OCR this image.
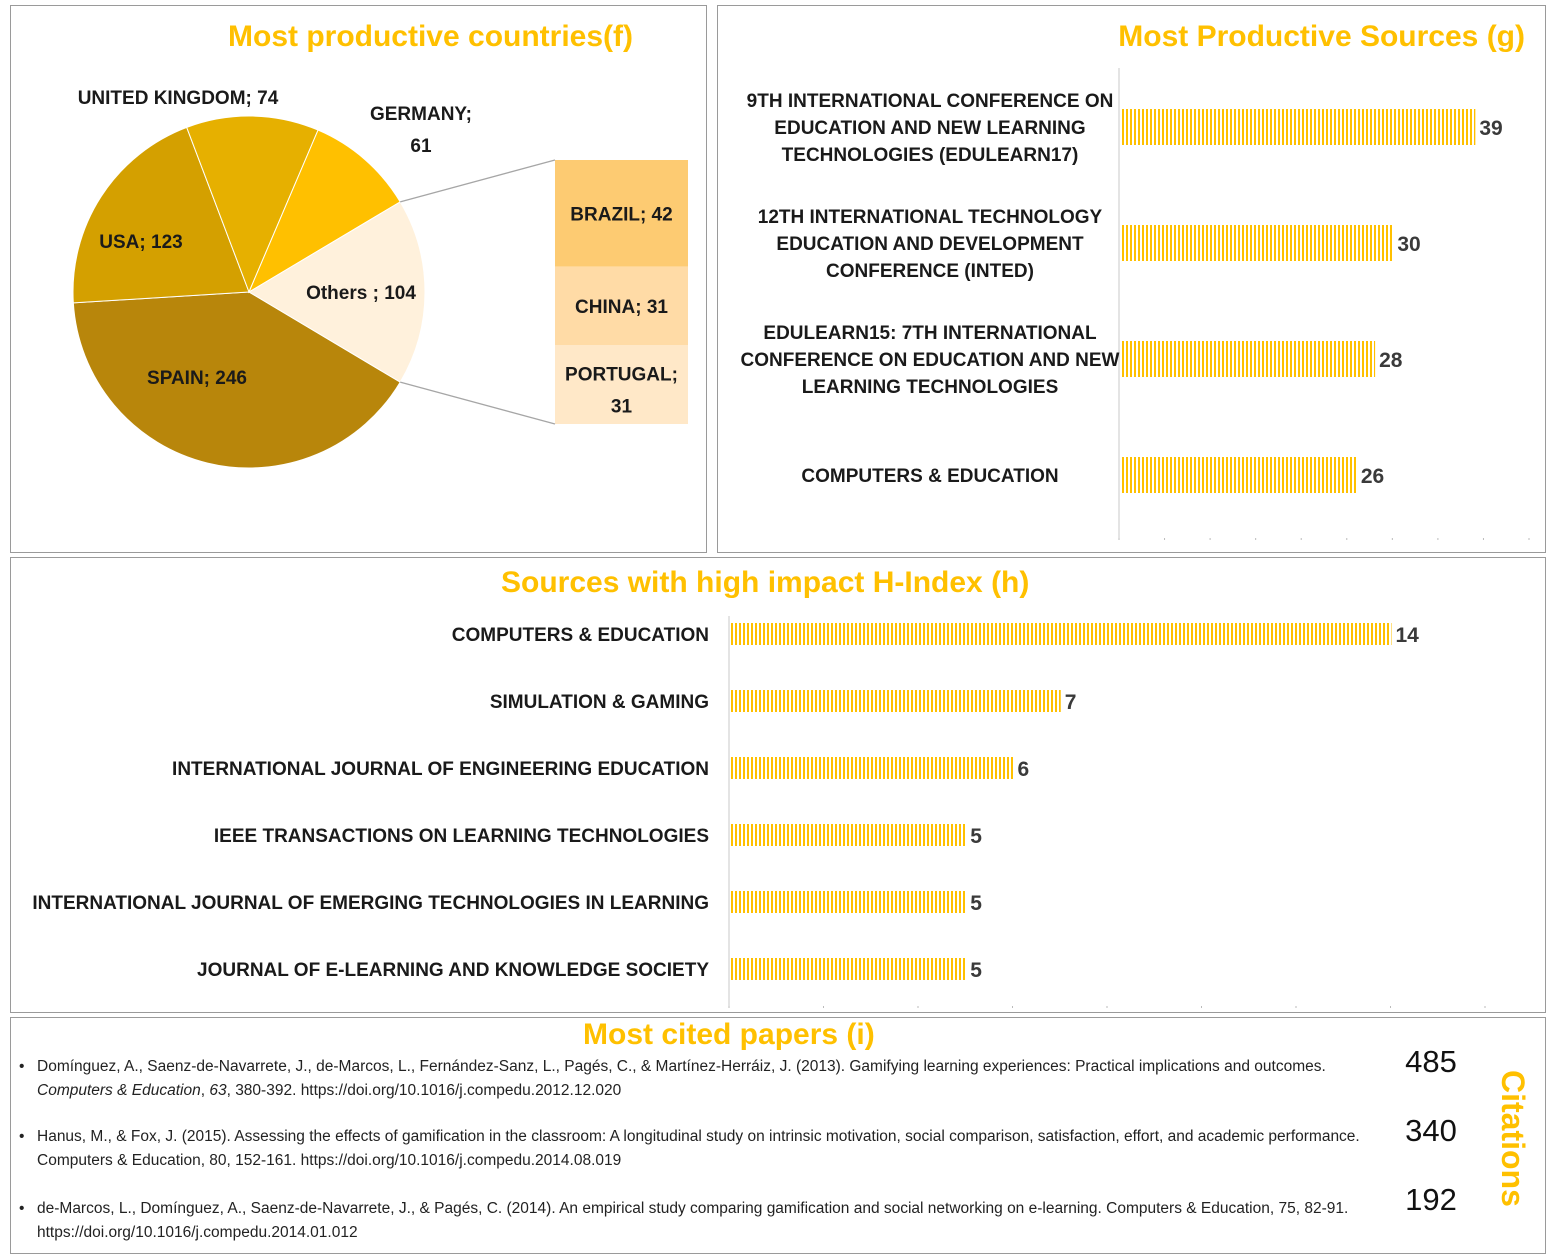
Most productive countries(f)
SPAIN; 246
USA; 123
UNITED KINGDOM; 74
GERMANY;
61
Others ; 104
BRAZIL; 42
CHINA; 31
PORTUGAL;
31
Most Productive Sources (g)
39
9TH INTERNATIONAL CONFERENCE ON
EDUCATION AND NEW LEARNING
TECHNOLOGIES (EDULEARN17)
30
12TH INTERNATIONAL TECHNOLOGY
EDUCATION AND DEVELOPMENT
CONFERENCE (INTED)
28
EDULEARN15: 7TH INTERNATIONAL
CONFERENCE ON EDUCATION AND NEW
LEARNING TECHNOLOGIES
26
COMPUTERS & EDUCATION
Sources with high impact H-Index (h)
14
COMPUTERS & EDUCATION
7
SIMULATION & GAMING
6
INTERNATIONAL JOURNAL OF ENGINEERING EDUCATION
5
IEEE TRANSACTIONS ON LEARNING TECHNOLOGIES
5
INTERNATIONAL JOURNAL OF EMERGING TECHNOLOGIES IN LEARNING
5
JOURNAL OF E-LEARNING AND KNOWLEDGE SOCIETY
Most cited papers (i)
• Domínguez, A., Saenz-de-Navarrete, J., de-Marcos, L., Fernández-Sanz, L., Pagés, C., & Martínez-Herráiz, J. (2013). Gamifying learning experiences: Practical implications and outcomes. Computers & Education, 63, 380-392. https://doi.org/10.1016/j.compedu.2012.12.020
485
• Hanus, M., & Fox, J. (2015). Assessing the effects of gamification in the classroom: A longitudinal study on intrinsic motivation, social comparison, satisfaction, effort, and academic performance. Computers & Education, 80, 152-161. https://doi.org/10.1016/j.compedu.2014.08.019
340
• de-Marcos, L., Domínguez, A., Saenz-de-Navarrete, J., & Pagés, C. (2014). An empirical study comparing gamification and social networking on e-learning. Computers & Education, 75, 82-91. https://doi.org/10.1016/j.compedu.2014.01.012
192	Citations
